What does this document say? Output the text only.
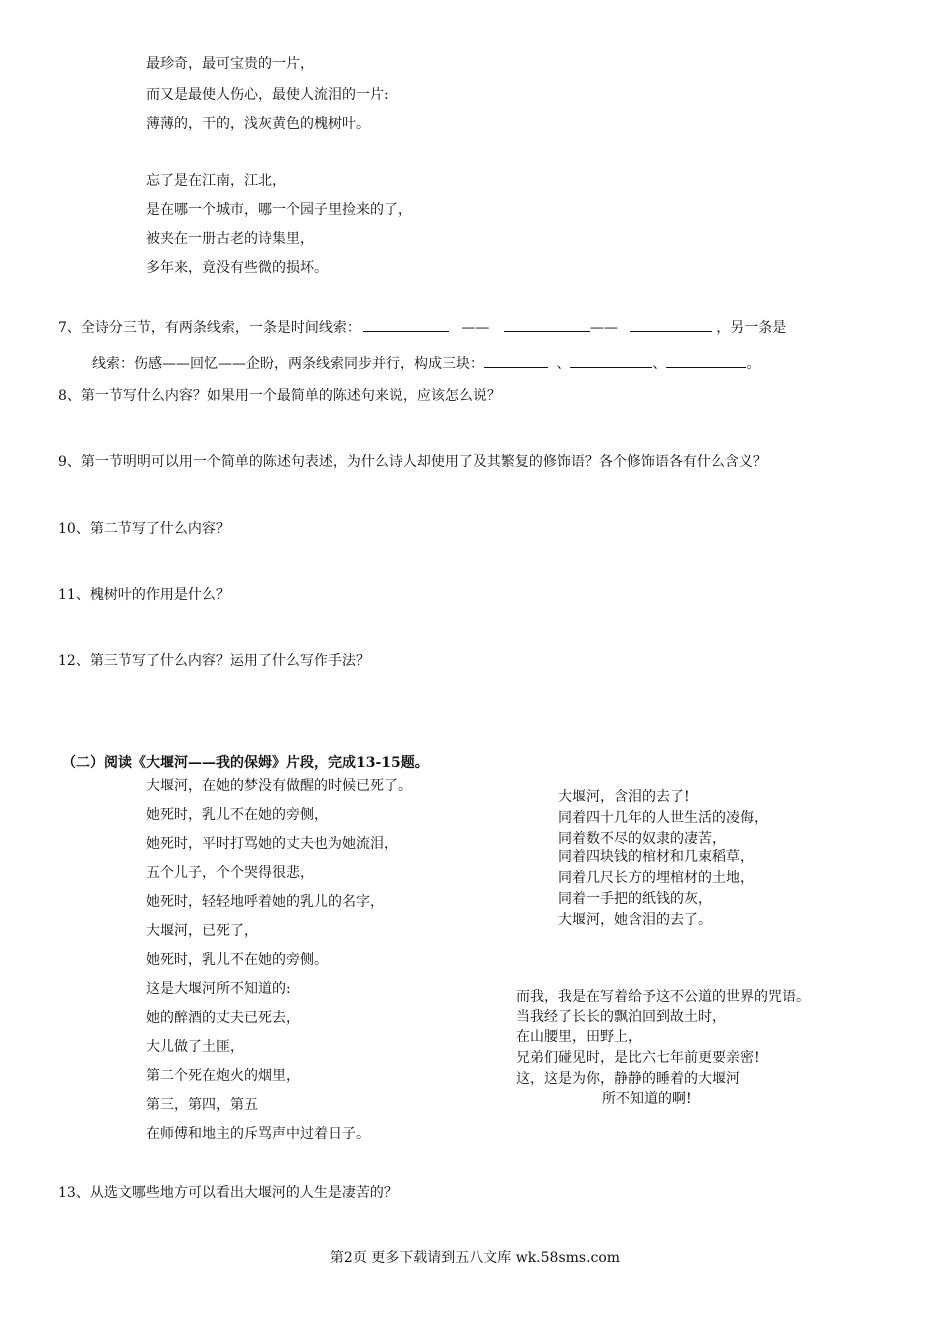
最珍奇，最可宝贵的一片，
而又是最使人伤心，最使人流泪的一片:
薄薄的，干的，浅灰黄色的槐树叶。
忘了是在江南，江北，
是在哪一个城市，哪一个园子里捡来的了，
被夹在一册古老的诗集里，
多年来，竟没有些微的损坏。
7、全诗分三节，有两条线索，一条是时间线索：	——	——	，另一条是
线索：伤感——回忆——企盼，两条线索同步并行，构成三块：	、	、	。
8、第一节写什么内容？如果用一个最简单的陈述句来说，应该怎么说？
9、第一节明明可以用一个简单的陈述句表述，为什么诗人却使用了及其繁复的修饰语？各个修饰语各有什么含义？
10、第二节写了什么内容？
11、槐树叶的作用是什么？
12、第三节写了什么内容？运用了什么写作手法？
（二）阅读《大堰河——我的保姆》片段，完成13-15题。
大堰河，在她的梦没有做醒的时候已死了。
她死时，乳儿不在她的旁侧，
她死时，平时打骂她的丈夫也为她流泪，
五个儿子，个个哭得很悲，
她死时，轻轻地呼着她的乳儿的名字，
大堰河，已死了，
她死时，乳儿不在她的旁侧。
这是大堰河所不知道的:
她的醉酒的丈夫已死去，
大儿做了土匪，
第二个死在炮火的烟里，
第三，第四，第五
在师傅和地主的斥骂声中过着日子。
大堰河，含泪的去了!
同着四十几年的人世生活的凌侮，
同着数不尽的奴隶的凄苦，
同着四块钱的棺材和几束稻草，
同着几尺长方的埋棺材的土地，
同着一手把的纸钱的灰，
大堰河，她含泪的去了。
而我，我是在写着给予这不公道的世界的咒语。
当我经了长长的飘泊回到故土时，
在山腰里，田野上，
兄弟们碰见时，是比六七年前更要亲密!
这，这是为你，静静的睡着的大堰河
所不知道的啊!
13、从选文哪些地方可以看出大堰河的人生是凄苦的？
第2页 更多下载请到五八文库 wk.58sms.com
